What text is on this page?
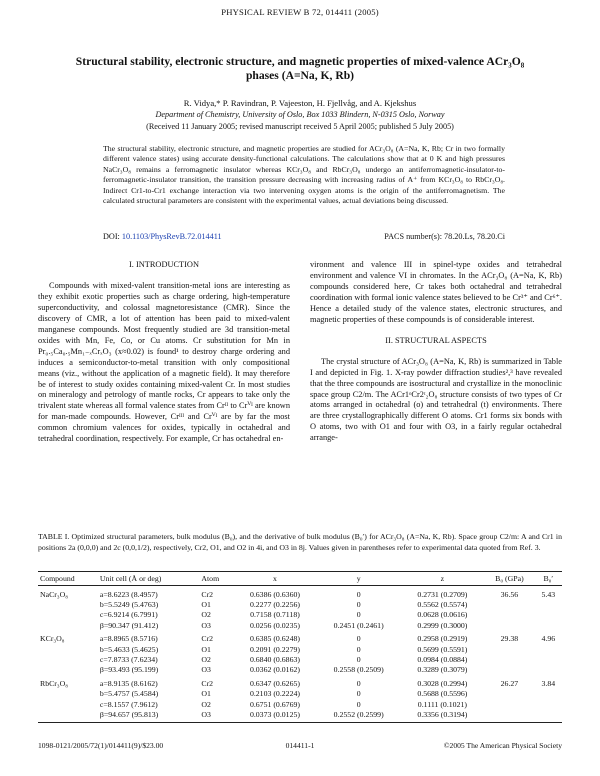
PHYSICAL REVIEW B 72, 014411 (2005)
Structural stability, electronic structure, and magnetic properties of mixed-valence ACr₃O₈
phases (A=Na, K, Rb)
R. Vidya,* P. Ravindran, P. Vajeeston, H. Fjellvåg, and A. Kjekshus
Department of Chemistry, University of Oslo, Box 1033 Blindern, N-0315 Oslo, Norway
(Received 11 January 2005; revised manuscript received 5 April 2005; published 5 July 2005)
The structural stability, electronic structure, and magnetic properties are studied for ACr₃O₈ (A=Na, K, Rb; Cr in two formally different valence states) using accurate density-functional calculations. The calculations show that at 0 K and high pressures NaCr₃O₈ remains a ferromagnetic insulator whereas KCr₃O₈ and RbCr₃O₈ undergo an antiferromagnetic-insulator-to-ferromagnetic-insulator transition, the transition pressure decreasing with increasing radius of A⁺ from KCr₃O₈ to RbCr₃O₈. Indirect Cr1-to-Cr1 exchange interaction via two intervening oxygen atoms is the origin of the antiferromagnetism. The calculated structural parameters are consistent with the experimental values, actual deviations being discussed.
DOI: 10.1103/PhysRevB.72.014411	PACS number(s): 78.20.Ls, 78.20.Ci
I. INTRODUCTION

Compounds with mixed-valent transition-metal ions are interesting as they exhibit exotic properties such as charge ordering, high-temperature superconductivity, and colossal magnetoresistance (CMR). Since the discovery of CMR, a lot of attention has been paid to mixed-valent manganese compounds. Most frequently studied are 3d transition-metal oxides with Mn, Fe, Co, or Cu atoms. Cr substitution for Mn in Pr₀.₅Ca₀.₅Mn₁₋ₓCrₓO₃ (x≈0.02) is found¹ to destroy charge ordering and induces a semiconductor-to-metal transition with only compositional means (viz., without the application of a magnetic field). It may therefore be of interest to study oxides containing mixed-valent Cr. In most studies on mineralogy and petrology of mantle rocks, Cr appears to take only the trivalent state whereas all formal valence states from Crᴵᴵ to Crⱽᴵ are known for man-made compounds. However, Crᴵᴵᴵ and Crⱽᴵ are by far the most common chromium valences for oxides, typically in octahedral and tetrahedral coordination, respectively. For example, Cr has octahedral en-

vironment and valence III in spinel-type oxides and tetrahedral environment and valence VI in chromates. In the ACr₃O₈ (A=Na, K, Rb) compounds considered here, Cr takes both octahedral and tetrahedral coordination with formal ionic valence states believed to be Cr³⁺ and Cr⁶⁺. Hence a detailed study of the valence states, electronic structures, and magnetic properties of these compounds is of considerable interest.

II. STRUCTURAL ASPECTS

The crystal structure of ACr₃O₈ (A=Na, K, Rb) is summarized in Table I and depicted in Fig. 1. X-ray powder diffraction studies²,³ have revealed that the three compounds are isostructural and crystallize in the monoclinic space group C2/m. The ACr1ᵒCr2ᵗ₂O₈ structure consists of two types of Cr atoms arranged in octahedral (o) and tetrahedral (t) environments. There are three crystallographically different O atoms. Cr1 forms six bonds with O atoms, two with O1 and four with O3, in a fairly regular octahedral arrange-

TABLE I. Optimized structural parameters, bulk modulus (B₀), and the derivative of bulk modulus (B₀′) for ACr₃O₈ (A=Na, K, Rb). Space group C2/m: A and Cr1 in positions 2a (0,0,0) and 2c (0,0,1/2), respectively, Cr2, O1, and O2 in 4i, and O3 in 8j. Values given in parentheses refer to experimental data quoted from Ref. 3.
Compound	Unit cell (Å or deg)	Atom	x	y	z	B₀ (GPa)	B₀′
NaCr₃O₈	a=8.6223 (8.4957)	Cr2	0.6386 (0.6360)	0	0.2731 (0.2709)	36.56	5.43
	b=5.5249 (5.4763)	O1	0.2277 (0.2256)	0	0.5562 (0.5574)		
	c=6.9214 (6.7991)	O2	0.7158 (0.7118)	0	0.0628 (0.0616)		
	β=90.347 (91.412)	O3	0.0256 (0.0235)	0.2451 (0.2461)	0.2999 (0.3000)		
KCr₃O₈	a=8.8965 (8.5716)	Cr2	0.6385 (0.6248)	0	0.2958 (0.2919)	29.38	4.96
	b=5.4633 (5.4625)	O1	0.2091 (0.2279)	0	0.5699 (0.5591)		
	c=7.8733 (7.6234)	O2	0.6840 (0.6863)	0	0.0984 (0.0884)		
	β=93.493 (95.199)	O3	0.0362 (0.0162)	0.2558 (0.2509)	0.3289 (0.3079)		
RbCr₃O₈	a=8.9135 (8.6162)	Cr2	0.6347 (0.6265)	0	0.3028 (0.2994)	26.27	3.84
	b=5.4757 (5.4584)	O1	0.2103 (0.2224)	0	0.5688 (0.5596)		
	c=8.1557 (7.9612)	O2	0.6751 (0.6769)	0	0.1111 (0.1021)		
	β=94.657 (95.813)	O3	0.0373 (0.0125)	0.2552 (0.2599)	0.3356 (0.3194)		
1098-0121/2005/72(1)/014411(9)/$23.00	014411-1	©2005 The American Physical Society
